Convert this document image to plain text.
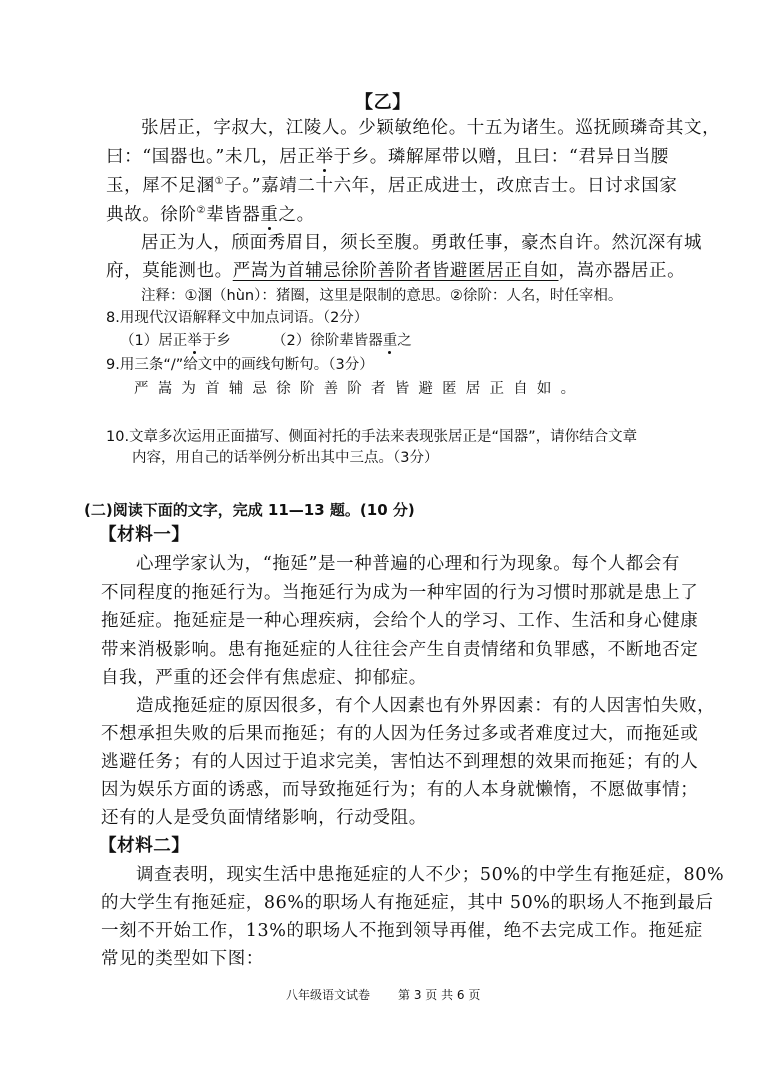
【乙】
张居正，字叔大，江陵人。少颖敏绝伦。十五为诸生。巡抚顾璘奇其文，
曰：“国器也。”未几，居正举于乡。璘解犀带以赠，且曰：“君异日当腰
玉，犀不足溷①子。”嘉靖二十六年，居正成进士，改庶吉士。日讨求国家
典故。徐阶②辈皆器重之。
居正为人，颀面秀眉目，须长至腹。勇敢任事，豪杰自许。然沉深有城
府，莫能测也。严嵩为首辅忌徐阶善阶者皆避匿居正自如，嵩亦器居正。
注释：①溷（hùn）：猪圈，这里是限制的意思。②徐阶：人名，时任宰相。
8.用现代汉语解释文中加点词语。（2分）
（1）居正举于乡	（2）徐阶辈皆器重之
9.用三条“/”给文中的画线句断句。（3分）
严嵩为首辅忌徐阶善阶者皆避匿居正自如。
10.文章多次运用正面描写、侧面衬托的手法来表现张居正是“国器”，请你结合文章
内容，用自己的话举例分析出其中三点。（3分）
(二)阅读下面的文字，完成 11—13 题。(10 分)
【材料一】
心理学家认为，“拖延”是一种普遍的心理和行为现象。每个人都会有
不同程度的拖延行为。当拖延行为成为一种牢固的行为习惯时那就是患上了
拖延症。拖延症是一种心理疾病，会给个人的学习、工作、生活和身心健康
带来消极影响。患有拖延症的人往往会产生自责情绪和负罪感，不断地否定
自我，严重的还会伴有焦虑症、抑郁症。
造成拖延症的原因很多，有个人因素也有外界因素：有的人因害怕失败，
不想承担失败的后果而拖延；有的人因为任务过多或者难度过大，而拖延或
逃避任务；有的人因过于追求完美，害怕达不到理想的效果而拖延；有的人
因为娱乐方面的诱惑，而导致拖延行为；有的人本身就懒惰，不愿做事情；
还有的人是受负面情绪影响，行动受阻。
【材料二】
调查表明，现实生活中患拖延症的人不少；50%的中学生有拖延症，80%
的大学生有拖延症，86%的职场人有拖延症，其中 50%的职场人不拖到最后
一刻不开始工作，13%的职场人不拖到领导再催，绝不去完成工作。拖延症
常见的类型如下图：
八年级语文试卷 第 3 页 共 6 页
